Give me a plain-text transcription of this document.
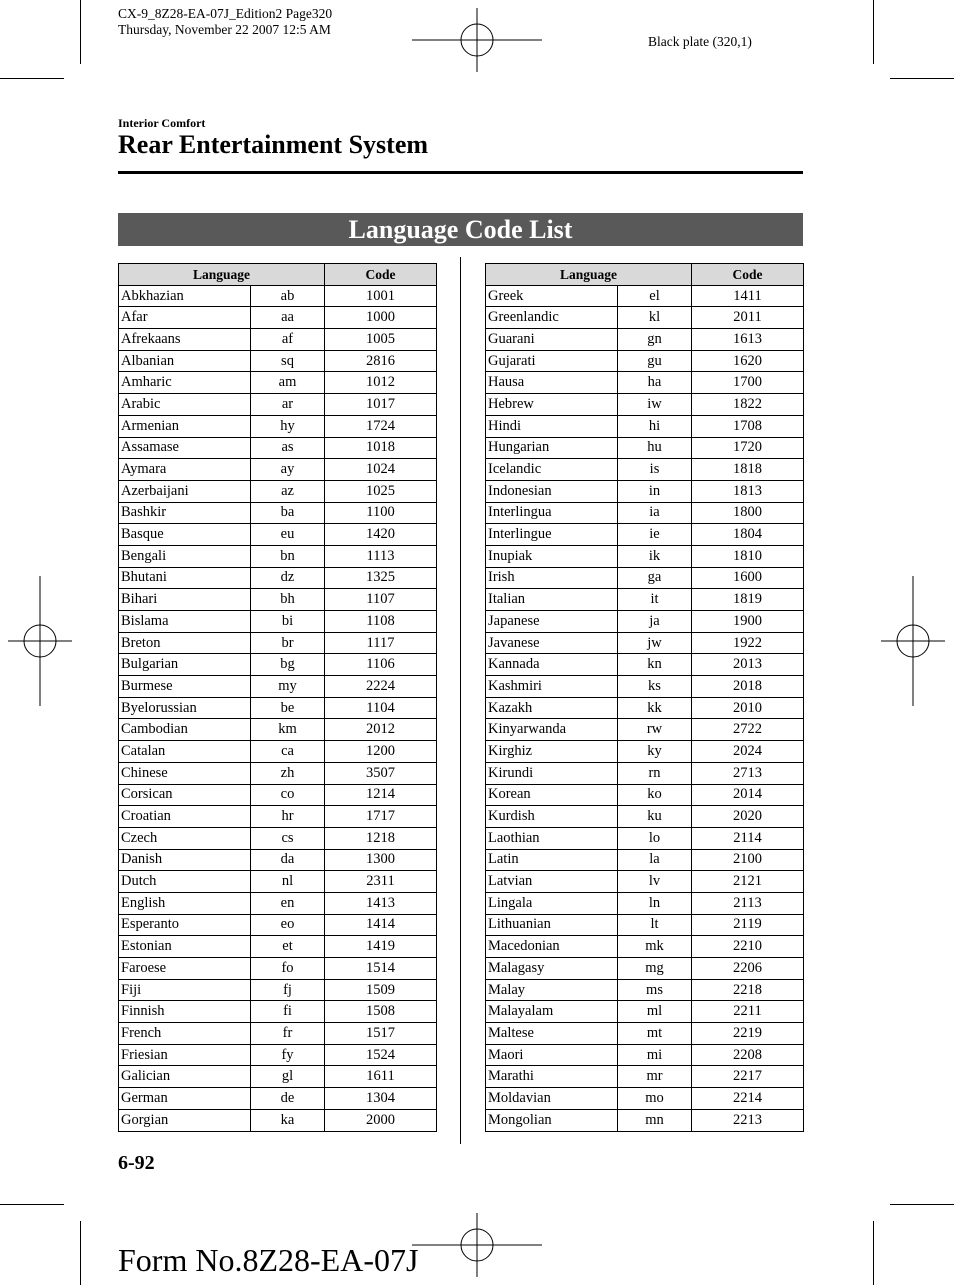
CX-9_8Z28-EA-07J_Edition2 Page320
Thursday, November 22 2007 12:5 AM
Black plate (320,1)
Interior Comfort
Rear Entertainment System
Language Code List
Language		Code
Abkhazian	ab	1001
Afar	aa	1000
Afrekaans	af	1005
Albanian	sq	2816
Amharic	am	1012
Arabic	ar	1017
Armenian	hy	1724
Assamase	as	1018
Aymara	ay	1024
Azerbaijani	az	1025
Bashkir	ba	1100
Basque	eu	1420
Bengali	bn	1113
Bhutani	dz	1325
Bihari	bh	1107
Bislama	bi	1108
Breton	br	1117
Bulgarian	bg	1106
Burmese	my	2224
Byelorussian	be	1104
Cambodian	km	2012
Catalan	ca	1200
Chinese	zh	3507
Corsican	co	1214
Croatian	hr	1717
Czech	cs	1218
Danish	da	1300
Dutch	nl	2311
English	en	1413
Esperanto	eo	1414
Estonian	et	1419
Faroese	fo	1514
Fiji	fj	1509
Finnish	fi	1508
French	fr	1517
Friesian	fy	1524
Galician	gl	1611
German	de	1304
Gorgian	ka	2000
Language		Code
Greek	el	1411
Greenlandic	kl	2011
Guarani	gn	1613
Gujarati	gu	1620
Hausa	ha	1700
Hebrew	iw	1822
Hindi	hi	1708
Hungarian	hu	1720
Icelandic	is	1818
Indonesian	in	1813
Interlingua	ia	1800
Interlingue	ie	1804
Inupiak	ik	1810
Irish	ga	1600
Italian	it	1819
Japanese	ja	1900
Javanese	jw	1922
Kannada	kn	2013
Kashmiri	ks	2018
Kazakh	kk	2010
Kinyarwanda	rw	2722
Kirghiz	ky	2024
Kirundi	rn	2713
Korean	ko	2014
Kurdish	ku	2020
Laothian	lo	2114
Latin	la	2100
Latvian	lv	2121
Lingala	ln	2113
Lithuanian	lt	2119
Macedonian	mk	2210
Malagasy	mg	2206
Malay	ms	2218
Malayalam	ml	2211
Maltese	mt	2219
Maori	mi	2208
Marathi	mr	2217
Moldavian	mo	2214
Mongolian	mn	2213
6-92
Form No.8Z28-EA-07J
